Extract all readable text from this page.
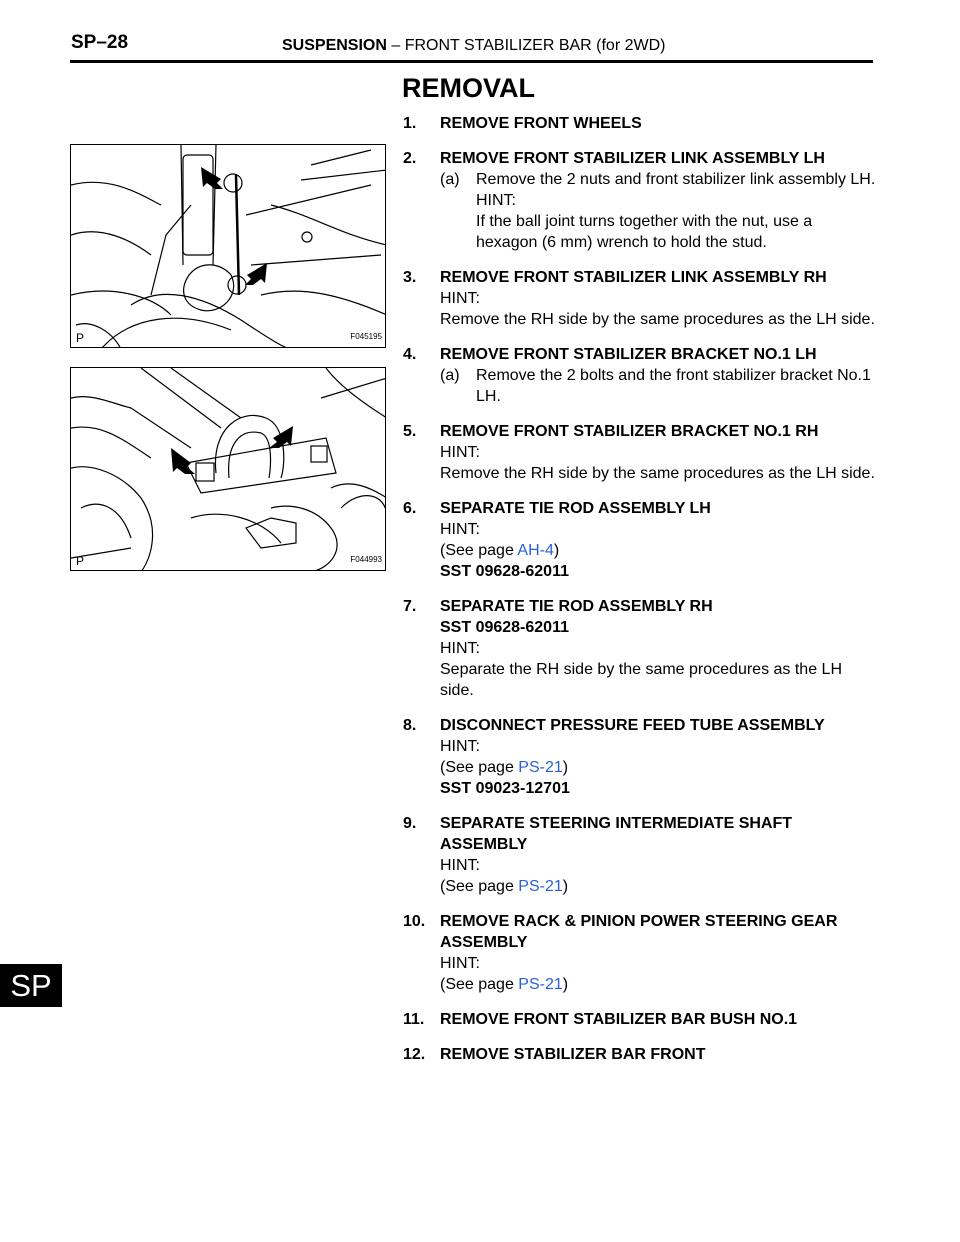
SP–28	SUSPENSION – FRONT STABILIZER BAR (for 2WD)
SP
P	F045195
P	F044993
REMOVAL
1. REMOVE FRONT WHEELS
2. REMOVE FRONT STABILIZER LINK ASSEMBLY LH
(a) Remove the 2 nuts and front stabilizer link assembly LH.
HINT:
If the ball joint turns together with the nut, use a hexagon (6 mm) wrench to hold the stud.
3. REMOVE FRONT STABILIZER LINK ASSEMBLY RH
HINT:
Remove the RH side by the same procedures as the LH side.
4. REMOVE FRONT STABILIZER BRACKET NO.1 LH
(a) Remove the 2 bolts and the front stabilizer bracket No.1 LH.
5. REMOVE FRONT STABILIZER BRACKET NO.1 RH
HINT:
Remove the RH side by the same procedures as the LH side.
6. SEPARATE TIE ROD ASSEMBLY LH
HINT:
(See page AH-4)
SST 09628-62011
7. SEPARATE TIE ROD ASSEMBLY RH
SST 09628-62011
HINT:
Separate the RH side by the same procedures as the LH side.
8. DISCONNECT PRESSURE FEED TUBE ASSEMBLY
HINT:
(See page PS-21)
SST 09023-12701
9. SEPARATE STEERING INTERMEDIATE SHAFT ASSEMBLY
HINT:
(See page PS-21)
10. REMOVE RACK & PINION POWER STEERING GEAR ASSEMBLY
HINT:
(See page PS-21)
11. REMOVE FRONT STABILIZER BAR BUSH NO.1
12. REMOVE STABILIZER BAR FRONT
